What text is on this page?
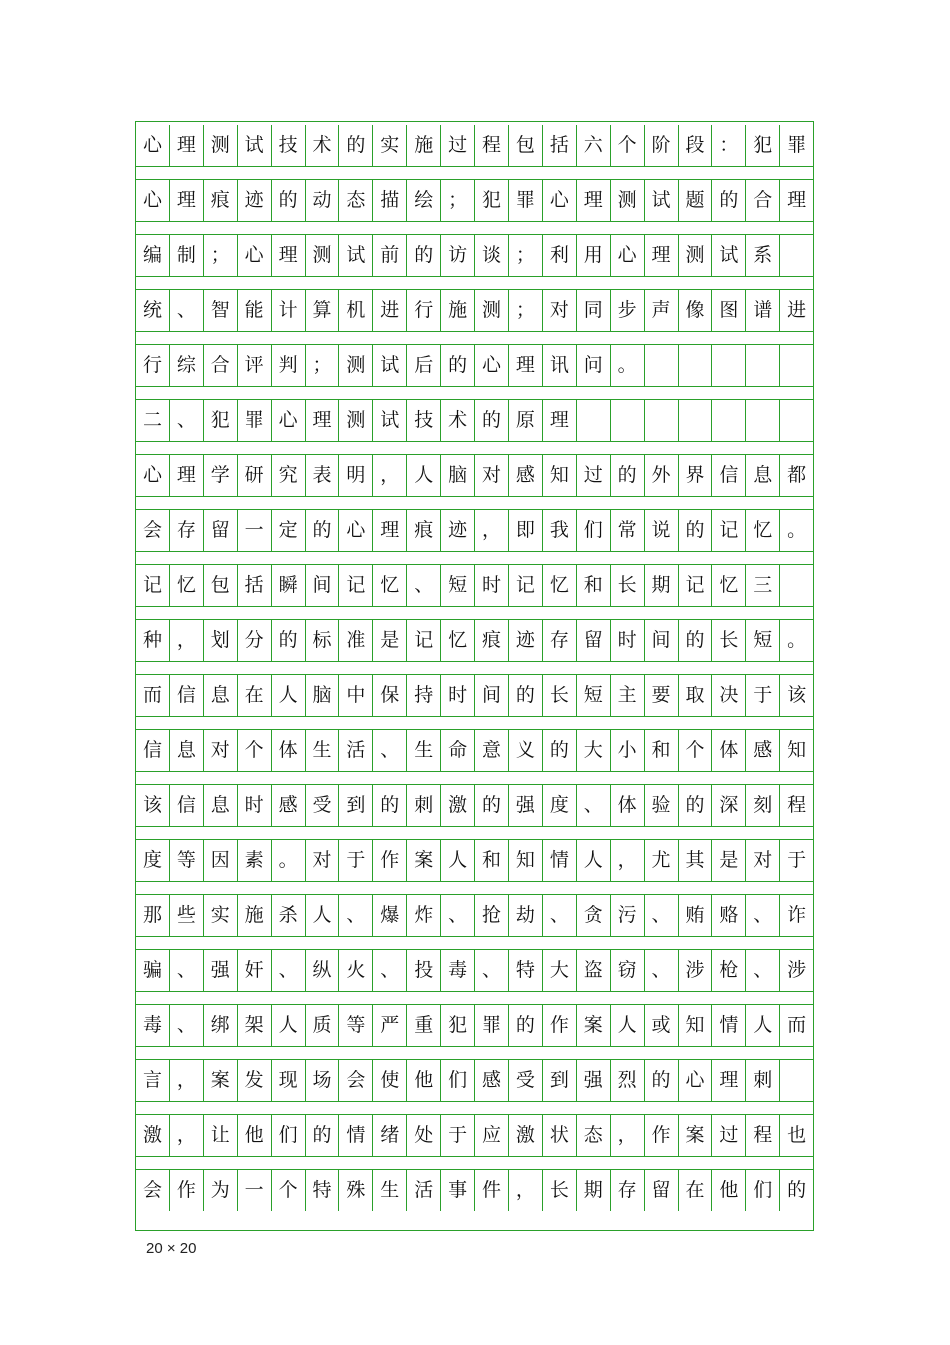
心 理 测 试 技 术 的 实 施 过 程 包 括 六 个 阶 段 ： 犯 罪
心 理 痕 迹 的 动 态 描 绘 ； 犯 罪 心 理 测 试 题 的 合 理
编 制 ； 心 理 测 试 前 的 访 谈 ； 利 用 心 理 测 试 系
统 、 智 能 计 算 机 进 行 施 测 ； 对 同 步 声 像 图 谱 进
行 综 合 评 判 ； 测 试 后 的 心 理 讯 问 。
二 、 犯 罪 心 理 测 试 技 术 的 原 理
心 理 学 研 究 表 明 ， 人 脑 对 感 知 过 的 外 界 信 息 都
会 存 留 一 定 的 心 理 痕 迹 ， 即 我 们 常 说 的 记 忆 。
记 忆 包 括 瞬 间 记 忆 、 短 时 记 忆 和 长 期 记 忆 三
种 ， 划 分 的 标 准 是 记 忆 痕 迹 存 留 时 间 的 长 短 。
而 信 息 在 人 脑 中 保 持 时 间 的 长 短 主 要 取 决 于 该
信 息 对 个 体 生 活 、 生 命 意 义 的 大 小 和 个 体 感 知
该 信 息 时 感 受 到 的 刺 激 的 强 度 、 体 验 的 深 刻 程
度 等 因 素 。 对 于 作 案 人 和 知 情 人 ， 尤 其 是 对 于
那 些 实 施 杀 人 、 爆 炸 、 抢 劫 、 贪 污 、 贿 赂 、 诈
骗 、 强 奸 、 纵 火 、 投 毒 、 特 大 盗 窃 、 涉 枪 、 涉
毒 、 绑 架 人 质 等 严 重 犯 罪 的 作 案 人 或 知 情 人 而
言 ， 案 发 现 场 会 使 他 们 感 受 到 强 烈 的 心 理 刺
激 ， 让 他 们 的 情 绪 处 于 应 激 状 态 ， 作 案 过 程 也
会 作 为 一 个 特 殊 生 活 事 件 ， 长 期 存 留 在 他 们 的
20 × 20
